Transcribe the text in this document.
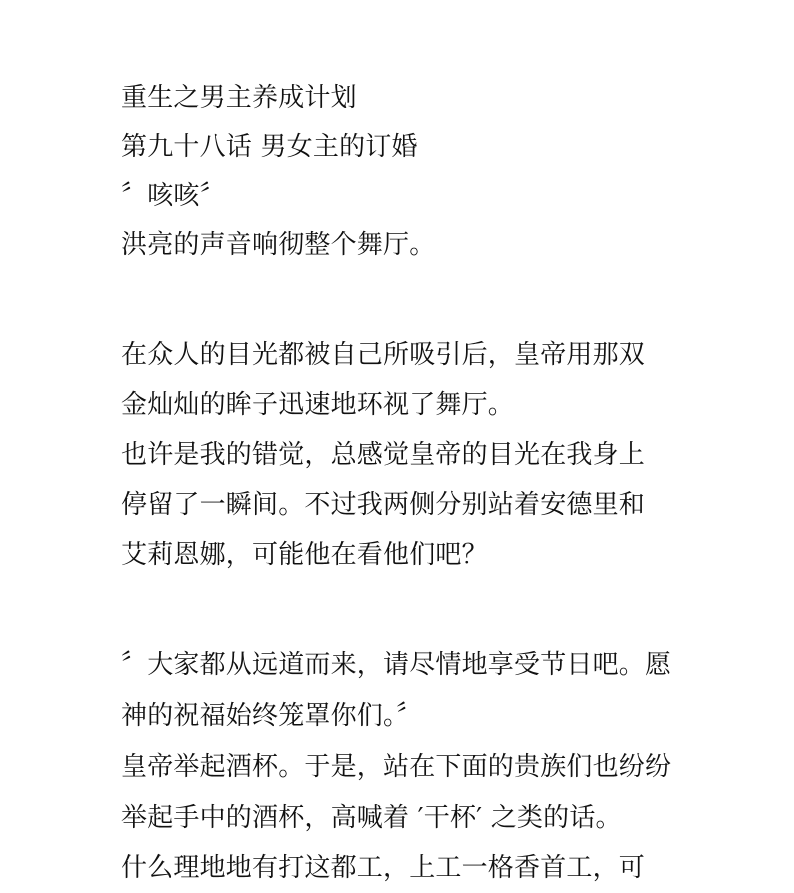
重生之男主养成计划
第九十八话 男女主的订婚
〞咳咳〞
洪亮的声音响彻整个舞厅。
在众人的目光都被自己所吸引后，皇帝用那双
金灿灿的眸子迅速地环视了舞厅。
也许是我的错觉，总感觉皇帝的目光在我身上
停留了一瞬间。不过我两侧分别站着安德里和
艾莉恩娜，可能他在看他们吧？
〞大家都从远道而来，请尽情地享受节日吧。愿
神的祝福始终笼罩你们。〞
皇帝举起酒杯。于是，站在下面的贵族们也纷纷
举起手中的酒杯，高喊着 ′干杯′ 之类的话。
什么理地地有打这都工，上工一格香首工，可
